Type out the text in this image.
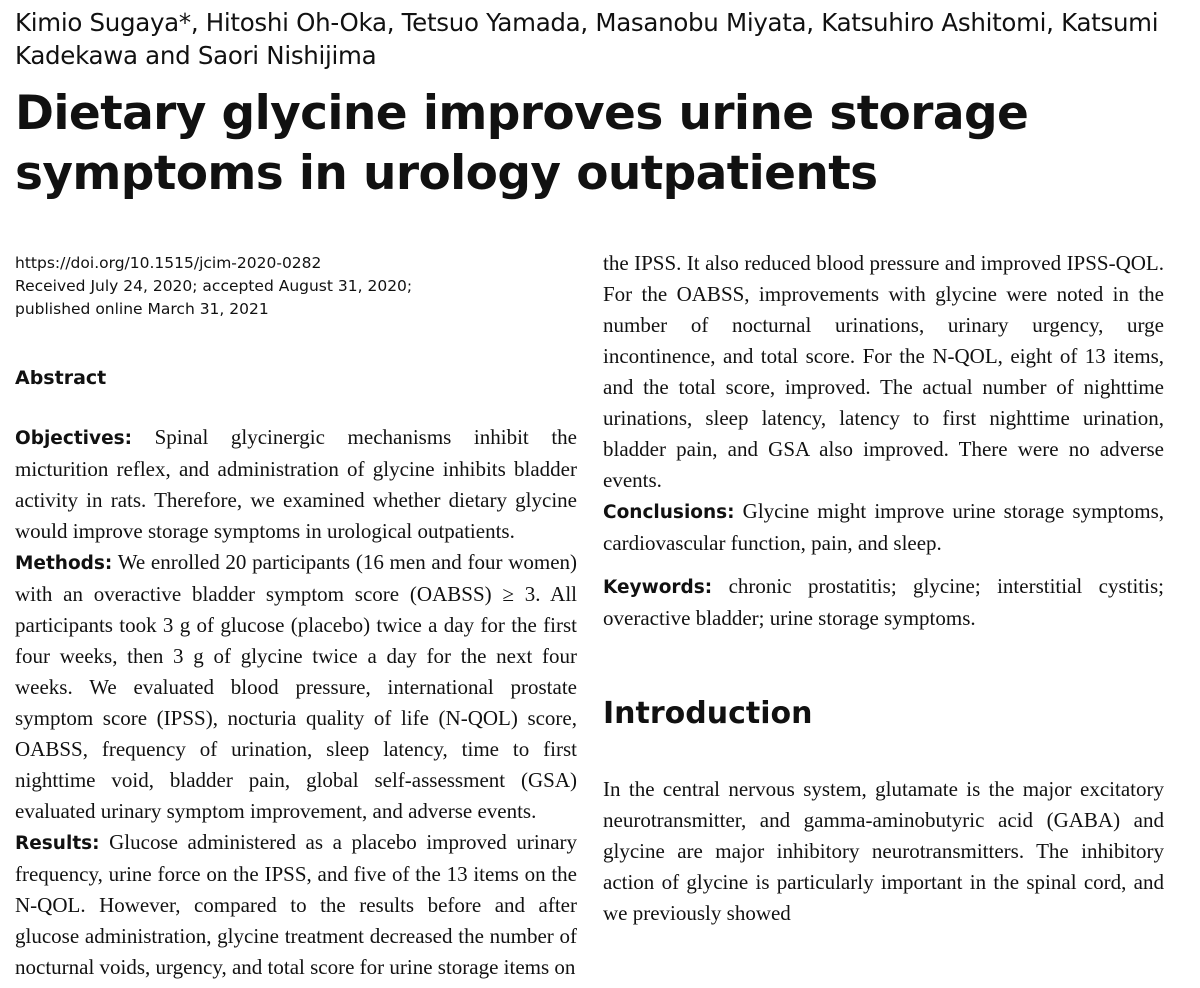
Kimio Sugaya*, Hitoshi Oh-Oka, Tetsuo Yamada, Masanobu Miyata, Katsuhiro Ashitomi, Katsumi Kadekawa and Saori Nishijima
Dietary glycine improves urine storage symptoms in urology outpatients
https://doi.org/10.1515/jcim-2020-0282
Received July 24, 2020; accepted August 31, 2020;
published online March 31, 2021
Abstract

Objectives: Spinal glycinergic mechanisms inhibit the micturition reflex, and administration of glycine inhibits bladder activity in rats. Therefore, we examined whether dietary glycine would improve storage symptoms in urological outpatients.

Methods: We enrolled 20 participants (16 men and four women) with an overactive bladder symptom score (OABSS) ≥ 3. All participants took 3 g of glucose (placebo) twice a day for the first four weeks, then 3 g of glycine twice a day for the next four weeks. We evaluated blood pressure, international prostate symptom score (IPSS), nocturia quality of life (N-QOL) score, OABSS, frequency of urination, sleep latency, time to first nighttime void, bladder pain, global self-assessment (GSA) evaluated urinary symptom improvement, and adverse events.

Results: Glucose administered as a placebo improved urinary frequency, urine force on the IPSS, and five of the 13 items on the N-QOL. However, compared to the results before and after glucose administration, glycine treatment decreased the number of nocturnal voids, urgency, and total score for urine storage items on

the IPSS. It also reduced blood pressure and improved IPSS-QOL. For the OABSS, improvements with glycine were noted in the number of nocturnal urinations, urinary urgency, urge incontinence, and total score. For the N-QOL, eight of 13 items, and the total score, improved. The actual number of nighttime urinations, sleep latency, latency to first nighttime urination, bladder pain, and GSA also improved. There were no adverse events.

Conclusions: Glycine might improve urine storage symptoms, cardiovascular function, pain, and sleep.

Keywords: chronic prostatitis; glycine; interstitial cystitis; overactive bladder; urine storage symptoms.

Introduction

In the central nervous system, glutamate is the major excitatory neurotransmitter, and gamma-aminobutyric acid (GABA) and glycine are major inhibitory neurotransmitters. The inhibitory action of glycine is particularly important in the spinal cord, and we previously showed
